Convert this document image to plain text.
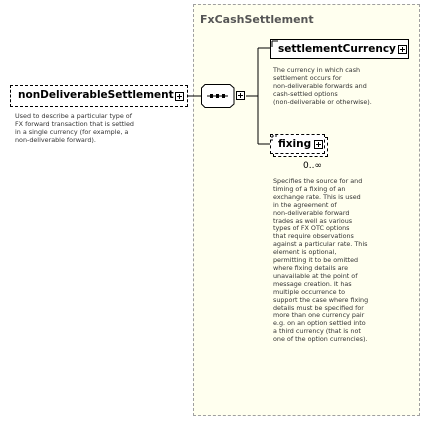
FxCashSettlement
nonDeliverableSettlement
Used to describe a particular type of
FX forward transaction that is settled
in a single currency (for example, a
non-deliverable forward).
settlementCurrency
The currency in which cash
settlement occurs for
non-deliverable forwards and
cash-settled options
(non-deliverable or otherwise).
fixing
0..∞
Specifies the source for and
timing of a fixing of an
exchange rate. This is used
in the agreement of
non-deliverable forward
trades as well as various
types of FX OTC options
that require observations
against a particular rate. This
element is optional,
permitting it to be omitted
where fixing details are
unavailable at the point of
message creation. It has
multiple occurrence to
support the case where fixing
details must be specified for
more than one currency pair
e.g. on an option settled into
a third currency (that is not
one of the option currencies).
